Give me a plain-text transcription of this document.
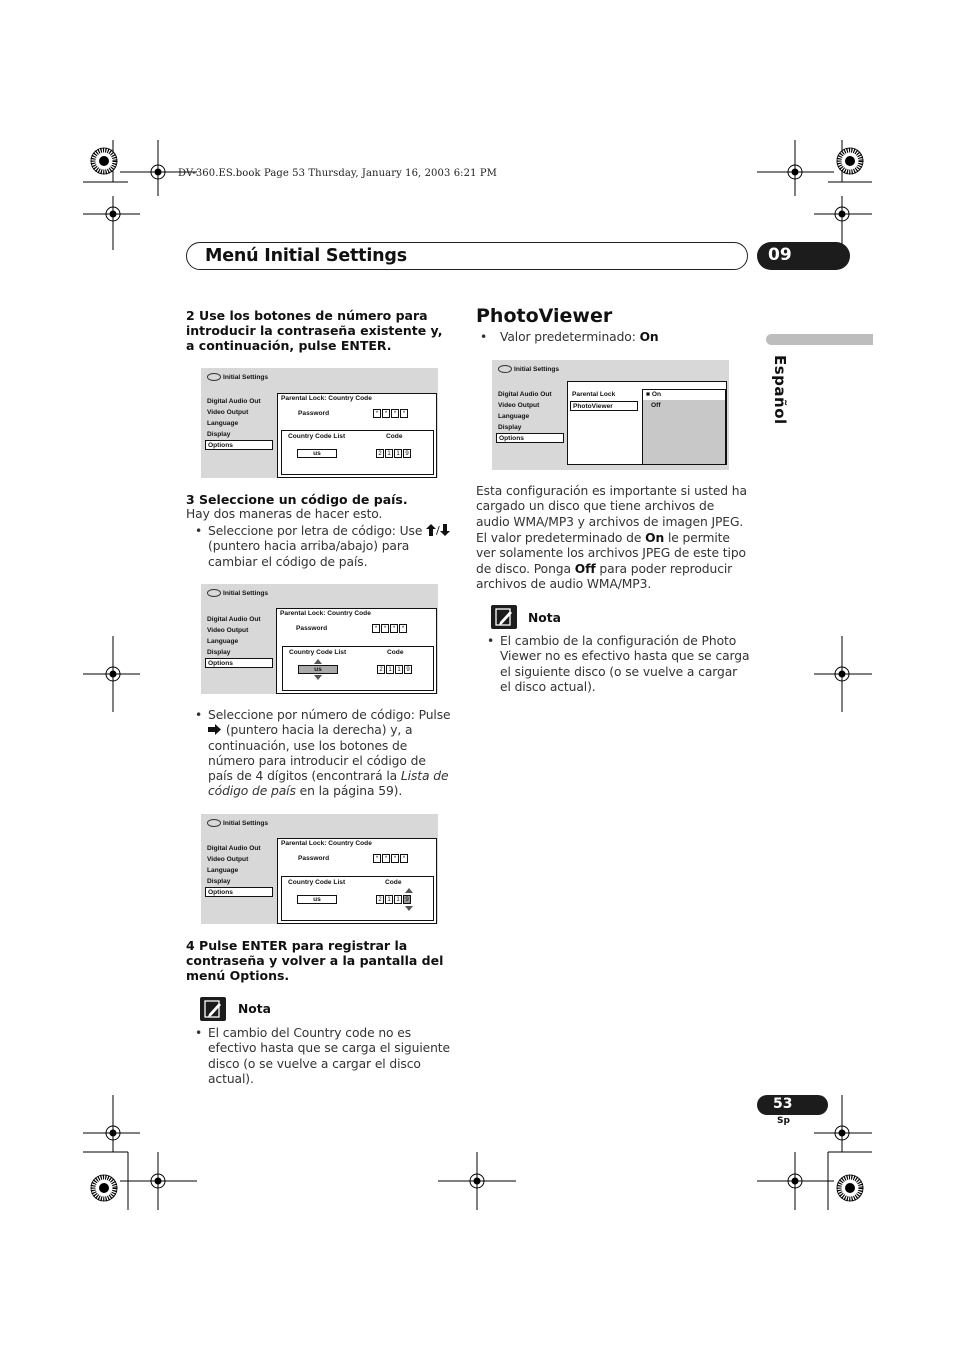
DV-360.ES.book Page 53 Thursday, January 16, 2003 6:21 PM
Menú Initial Settings	09
Español
2 Use los botones de número para introducir la contraseña existente y, a continuación, pulse ENTER.
Initial Settings
Digital Audio Out
Video Output
Language
Display
Options
Parental Lock: Country Code
Password	*	*	*	*
Country Code List	Code
us	2 1 1 9
3 Seleccione un código de país.
Hay dos maneras de hacer esto.
• Seleccione por letra de código: Use /
(puntero hacia arriba/abajo) para cambiar el código de país.
Initial Settings
Digital Audio Out
Video Output
Language
Display
Options
Parental Lock: Country Code
Password	*	*	*	*
Country Code List	Code
us	2 1 1 9
• Seleccione por número de código: Pulse
(puntero hacia la derecha) y, a continuación, use los botones de número para introducir el código de país de 4 dígitos (encontrará la Lista de código de país en la página 59).
Initial Settings
Digital Audio Out
Video Output
Language
Display
Options
Parental Lock: Country Code
Password	*	*	*	*
Country Code List	Code
us	2 1 1 9
4 Pulse ENTER para registrar la contraseña y volver a la pantalla del menú Options.
Nota
• El cambio del Country code no es efectivo hasta que se carga el siguiente disco (o se vuelve a cargar el disco actual).
PhotoViewer
• Valor predeterminado: On
Initial Settings
Digital Audio Out
Video Output
Language
Display
Options
Parental Lock
PhotoViewer
■ On
Off
Esta configuración es importante si usted ha cargado un disco que tiene archivos de audio WMA/MP3 y archivos de imagen JPEG.
El valor predeterminado de On le permite ver solamente los archivos JPEG de este tipo de disco. Ponga Off para poder reproducir archivos de audio WMA/MP3.
Nota
• El cambio de la configuración de Photo Viewer no es efectivo hasta que se carga el siguiente disco (o se vuelve a cargar el disco actual).
53
Sp
